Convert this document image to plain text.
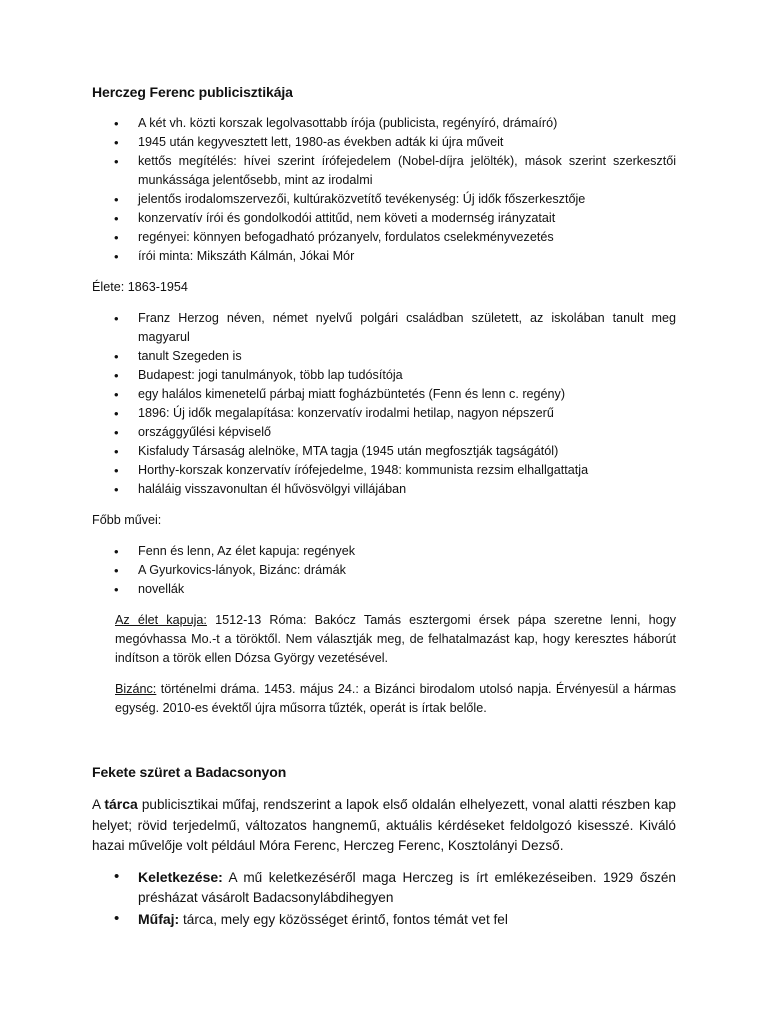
Herczeg Ferenc publicisztikája
• A két vh. közti korszak legolvasottabb írója (publicista, regényíró, drámaíró)
• 1945 után kegyvesztett lett, 1980-as években adták ki újra műveit
• kettős megítélés: hívei szerint írófejedelem (Nobel-díjra jelölték), mások szerint szerkesztői munkássága jelentősebb, mint az irodalmi
• jelentős irodalomszervezői, kultúraközvetítő tevékenység: Új idők főszerkesztője
• konzervatív írói és gondolkodói attitűd, nem követi a modernség irányzatait
• regényei: könnyen befogadható prózanyelv, fordulatos cselekményvezetés
• írói minta: Mikszáth Kálmán, Jókai Mór

Élete: 1863-1954

• Franz Herzog néven, német nyelvű polgári családban született, az iskolában tanult meg magyarul
• tanult Szegeden is
• Budapest: jogi tanulmányok, több lap tudósítója
• egy halálos kimenetelű párbaj miatt fogházbüntetés (Fenn és lenn c. regény)
• 1896: Új idők megalapítása: konzervatív irodalmi hetilap, nagyon népszerű
• országgyűlési képviselő
• Kisfaludy Társaság alelnöke, MTA tagja (1945 után megfosztják tagságától)
• Horthy-korszak konzervatív írófejedelme, 1948: kommunista rezsim elhallgattatja
• haláláig visszavonultan él hűvösvölgyi villájában

Főbb művei:

• Fenn és lenn, Az élet kapuja: regények
• A Gyurkovics-lányok, Bizánc: drámák
• novellák

Az élet kapuja: 1512-13 Róma: Bakócz Tamás esztergomi érsek pápa szeretne lenni, hogy megóvhassa Mo.-t a töröktől. Nem választják meg, de felhatalmazást kap, hogy keresztes háborút indítson a török ellen Dózsa György vezetésével.

Bizánc: történelmi dráma. 1453. május 24.: a Bizánci birodalom utolsó napja. Érvényesül a hármas egység. 2010-es évektől újra műsorra tűzték, operát is írtak belőle.

Fekete szüret a Badacsonyon

A tárca publicisztikai műfaj, rendszerint a lapok első oldalán elhelyezett, vonal alatti részben kap helyet; rövid terjedelmű, változatos hangnemű, aktuális kérdéseket feldolgozó kisesszé. Kiváló hazai művelője volt például Móra Ferenc, Herczeg Ferenc, Kosztolányi Dezső.

• Keletkezése: A mű keletkezéséről maga Herczeg is írt emlékezéseiben. 1929 őszén présházat vásárolt Badacsonylábdihegyen
• Műfaj: tárca, mely egy közösséget érintő, fontos témát vet fel
